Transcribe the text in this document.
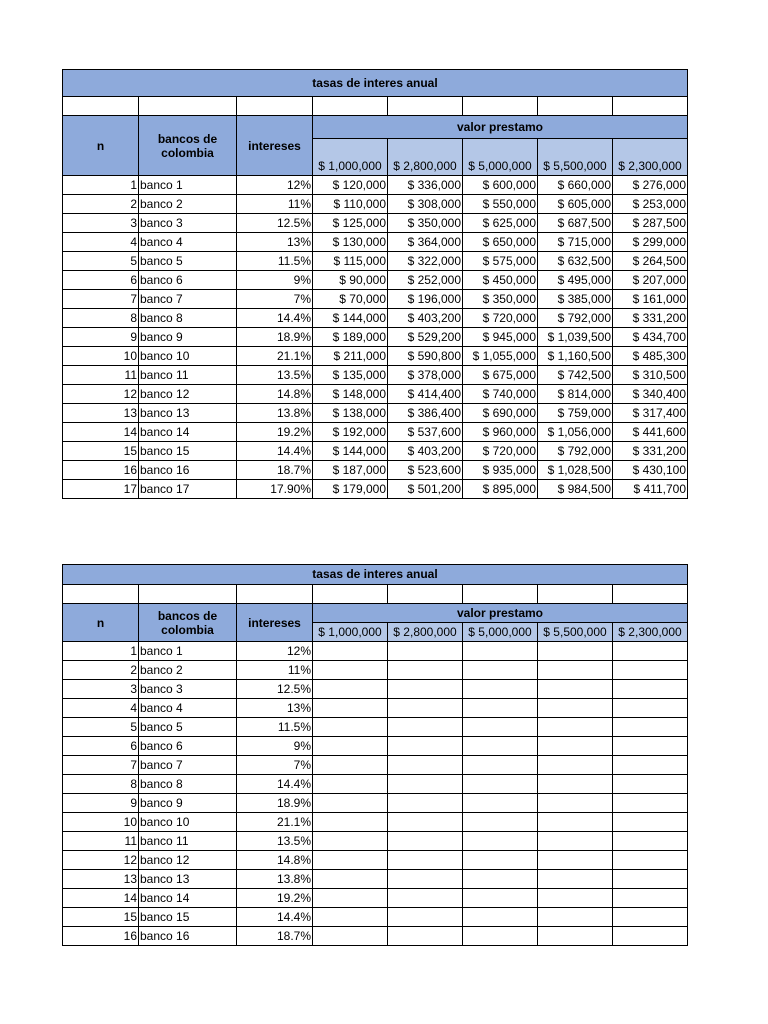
tasas de interes anual							

n	bancos de colombia	intereses	valor prestamo				
			$ 1,000,000	$ 2,800,000	$ 5,000,000	$ 5,500,000	$ 2,300,000
1	banco 1	12%	$ 120,000	$ 336,000	$ 600,000	$ 660,000	$ 276,000
2	banco 2	11%	$ 110,000	$ 308,000	$ 550,000	$ 605,000	$ 253,000
3	banco 3	12.5%	$ 125,000	$ 350,000	$ 625,000	$ 687,500	$ 287,500
4	banco 4	13%	$ 130,000	$ 364,000	$ 650,000	$ 715,000	$ 299,000
5	banco 5	11.5%	$ 115,000	$ 322,000	$ 575,000	$ 632,500	$ 264,500
6	banco 6	9%	$ 90,000	$ 252,000	$ 450,000	$ 495,000	$ 207,000
7	banco 7	7%	$ 70,000	$ 196,000	$ 350,000	$ 385,000	$ 161,000
8	banco 8	14.4%	$ 144,000	$ 403,200	$ 720,000	$ 792,000	$ 331,200
9	banco 9	18.9%	$ 189,000	$ 529,200	$ 945,000	$ 1,039,500	$ 434,700
10	banco 10	21.1%	$ 211,000	$ 590,800	$ 1,055,000	$ 1,160,500	$ 485,300
11	banco 11	13.5%	$ 135,000	$ 378,000	$ 675,000	$ 742,500	$ 310,500
12	banco 12	14.8%	$ 148,000	$ 414,400	$ 740,000	$ 814,000	$ 340,400
13	banco 13	13.8%	$ 138,000	$ 386,400	$ 690,000	$ 759,000	$ 317,400
14	banco 14	19.2%	$ 192,000	$ 537,600	$ 960,000	$ 1,056,000	$ 441,600
15	banco 15	14.4%	$ 144,000	$ 403,200	$ 720,000	$ 792,000	$ 331,200
16	banco 16	18.7%	$ 187,000	$ 523,600	$ 935,000	$ 1,028,500	$ 430,100
17	banco 17	17.90%	$ 179,000	$ 501,200	$ 895,000	$ 984,500	$ 411,700
tasas de interes anual							

n	bancos de colombia	intereses	valor prestamo				
			$ 1,000,000	$ 2,800,000	$ 5,000,000	$ 5,500,000	$ 2,300,000
1	banco 1	12%					
2	banco 2	11%					
3	banco 3	12.5%					
4	banco 4	13%					
5	banco 5	11.5%					
6	banco 6	9%					
7	banco 7	7%					
8	banco 8	14.4%					
9	banco 9	18.9%					
10	banco 10	21.1%					
11	banco 11	13.5%					
12	banco 12	14.8%					
13	banco 13	13.8%					
14	banco 14	19.2%					
15	banco 15	14.4%					
16	banco 16	18.7%					
